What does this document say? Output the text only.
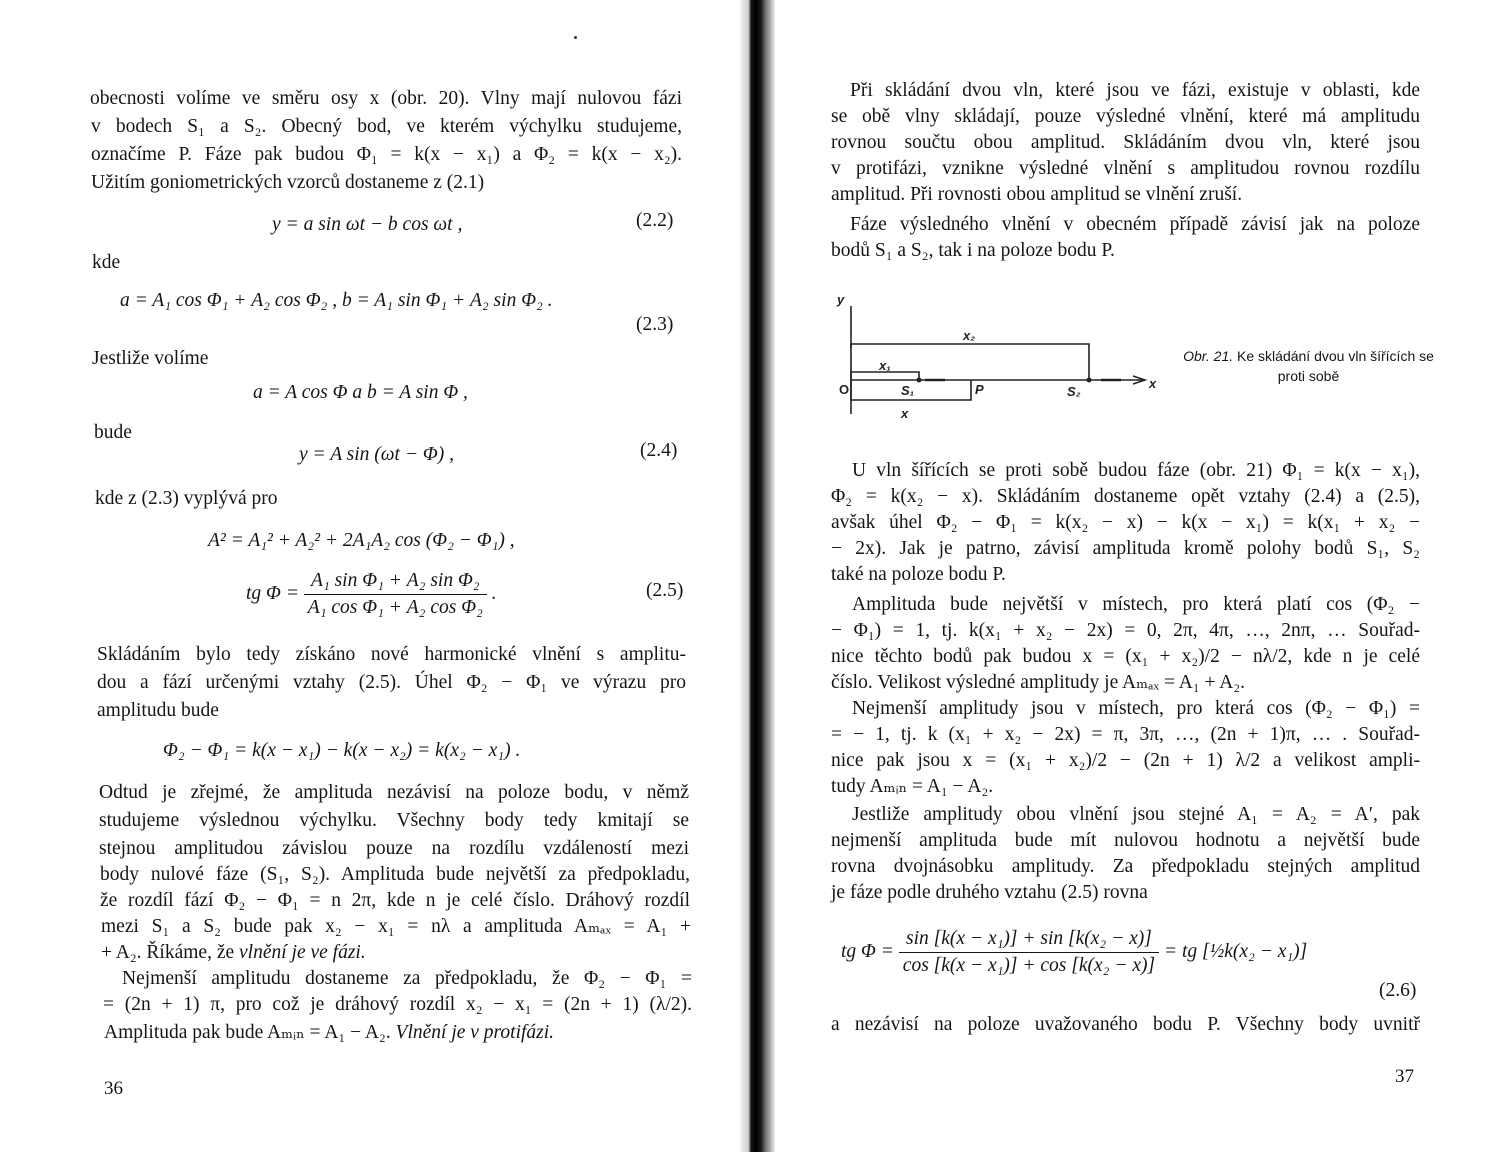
obecnosti volíme ve směru osy x (obr. 20). Vlny mají nulovou fázi
v bodech S₁ a S₂. Obecný bod, ve kterém výchylku studujeme,
označíme P. Fáze pak budou Φ₁ = k(x − x₁) a Φ₂ = k(x − x₂).
Užitím goniometrických vzorců dostaneme z (2.1)
y = a sin ωt − b cos ωt ,	(2.2)
kde
a = A₁ cos Φ₁ + A₂ cos Φ₂ , b = A₁ sin Φ₁ + A₂ sin Φ₂ .
(2.3)
Jestliže volíme
a = A cos Φ a b = A sin Φ ,
bude
y = A sin (ωt − Φ) ,	(2.4)
kde z (2.3) vyplývá pro
A² = A₁² + A₂² + 2A₁A₂ cos (Φ₂ − Φ₁) ,
tg $\Phi = \frac{\text{A₁ sin Φ₁ + A₂ sin Φ₂}}{\text{A₁ cos Φ₁ + A₂ cos Φ₂}}$ .	(2.5)
Skládáním bylo tedy získáno nové harmonické vlnění s amplitu-
dou a fází určenými vztahy (2.5). Úhel Φ₂ − Φ₁ ve výrazu pro
amplitudu bude
Φ₂ − Φ₁ = k(x − x₁) − k(x − x₂) = k(x₂ − x₁) .
Odtud je zřejmé, že amplituda nezávisí na poloze bodu, v němž
studujeme výslednou výchylku. Všechny body tedy kmitají se
stejnou amplitudou závislou pouze na rozdílu vzdáleností mezi
body nulové fáze (S₁, S₂). Amplituda bude největší za předpokladu,
že rozdíl fází Φ₂ − Φ₁ = n 2π, kde n je celé číslo. Dráhový rozdíl
mezi S₁ a S₂ bude pak x₂ − x₁ = nλ a amplituda Aₘₐₓ = A₁ +
+ A₂. Říkáme, že vlnění je ve fázi.
Nejmenší amplitudu dostaneme za předpokladu, že Φ₂ − Φ₁ =
= (2n + 1) π, pro což je dráhový rozdíl x₂ − x₁ = (2n + 1) (λ/2).
Amplituda pak bude Aₘᵢₙ = A₁ − A₂. Vlnění je v protifázi.
36
Při skládání dvou vln, které jsou ve fázi, existuje v oblasti, kde
se obě vlny skládají, pouze výsledné vlnění, které má amplitudu
rovnou součtu obou amplitud. Skládáním dvou vln, které jsou
v protifázi, vznikne výsledné vlnění s amplitudou rovnou rozdílu
amplitud. Při rovnosti obou amplitud se vlnění zruší.
Fáze výsledného vlnění v obecném případě závisí jak na poloze
bodů S₁ a S₂, tak i na poloze bodu P.
y
x₂
x₁
O	S₁	P	S₂
x
x
Obr. 21. Ke skládání dvou vln šířících se proti sobě
U vln šířících se proti sobě budou fáze (obr. 21) Φ₁ = k(x − x₁),
Φ₂ = k(x₂ − x). Skládáním dostaneme opět vztahy (2.4) a (2.5),
avšak úhel Φ₂ − Φ₁ = k(x₂ − x) − k(x − x₁) = k(x₁ + x₂ −
− 2x). Jak je patrno, závisí amplituda kromě polohy bodů S₁, S₂
také na poloze bodu P.
Amplituda bude největší v místech, pro která platí cos (Φ₂ −
− Φ₁) = 1, tj. k(x₁ + x₂ − 2x) = 0, 2π, 4π, …, 2nπ, … Souřad-
nice těchto bodů pak budou x = (x₁ + x₂)/2 − nλ/2, kde n je celé
číslo. Velikost výsledné amplitudy je Aₘₐₓ = A₁ + A₂.
Nejmenší amplitudy jsou v místech, pro která cos (Φ₂ − Φ₁) =
= − 1, tj. k (x₁ + x₂ − 2x) = π, 3π, …, (2n + 1)π, … . Souřad-
nice pak jsou x = (x₁ + x₂)/2 − (2n + 1) λ/2 a velikost ampli-
tudy Aₘᵢₙ = A₁ − A₂.
Jestliže amplitudy obou vlnění jsou stejné A₁ = A₂ = A′, pak
nejmenší amplituda bude mít nulovou hodnotu a největší bude
rovna dvojnásobku amplitudy. Za předpokladu stejných amplitud
je fáze podle druhého vztahu (2.5) rovna
tg $\Phi = \frac{\text{sin [k(x − x₁)] + sin [k(x₂ − x)]}}{\text{cos [k(x − x₁)] + cos [k(x₂ − x)]}}$ = tg [½k(x₂ − x₁)]
(2.6)
a nezávisí na poloze uvažovaného bodu P. Všechny body uvnitř
37
